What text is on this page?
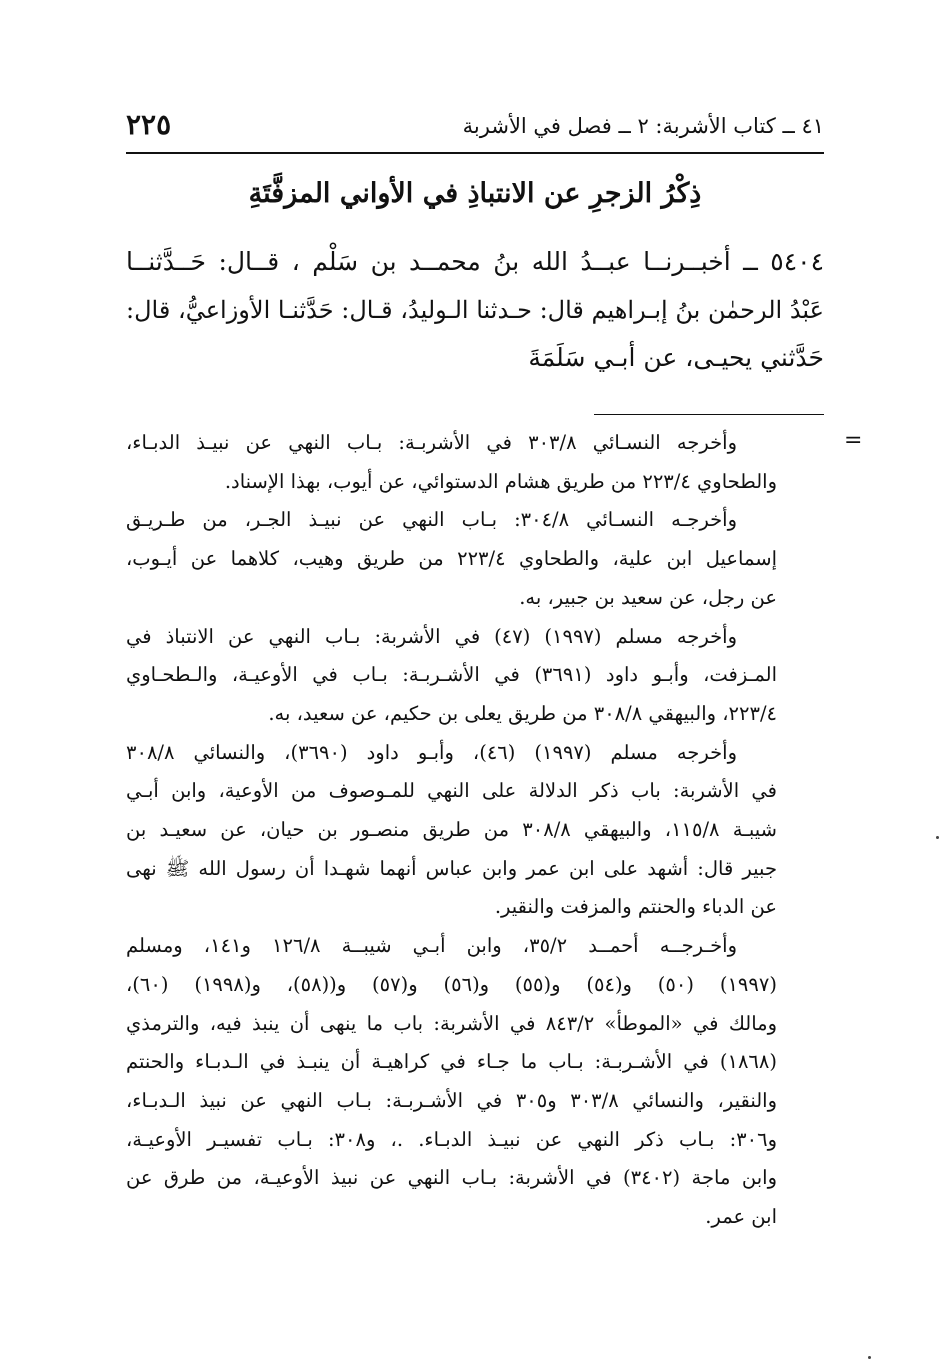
٤١ ــ كتاب الأشربة: ٢ ــ فصل في الأشربة
٢٢٥
ذِكْرُ الزجرِ عن الانتباذِ في الأواني المزفَّتَةِ
٥٤٠٤ ــ أخبــرنــا عبــدُ الله بنُ محمــد بن سَلْم ، قــال: حَــدَّثنــا
عَبْدُ الرحمٰن بنُ إبـراهيم قال: حـدثنا الـوليدُ، قـال: حَدَّثنـا الأوزاعيُّ، قال:
حَدَّثني يحيـى، عن أبـي سَلَمَةَ
=
وأخرجه النسـائي ٣٠٣/٨ في الأشربـة: بـاب النهي عن نبيـذ الدبـاء،
والطحاوي ٢٢٣/٤ من طريق هشام الدستوائي، عن أيوب، بهذا الإسناد.
وأخرجـه النسـائي ٣٠٤/٨: بـاب النهي عن نبيـذ الجـر، من طـريـق
إسماعيل ابن علية، والطحاوي ٢٢٣/٤ من طريق وهيب، كلاهما عن أيـوب،
عن رجل، عن سعيد بن جبير، به.
وأخرجه مسلم (١٩٩٧) (٤٧) في الأشربة: بـاب النهي عن الانتباذ في
المـزفت، وأبـو داود (٣٦٩١) في الأشـربـة: بـاب في الأوعيـة، والـطحـاوي
٢٢٣/٤، والبيهقي ٣٠٨/٨ من طريق يعلى بن حكيم، عن سعيد، به.
وأخرجه مسلم (١٩٩٧) (٤٦)، وأبـو داود (٣٦٩٠)، والنسائي ٣٠٨/٨
في الأشربة: باب ذكر الدلالة على النهي للمـوصوف من الأوعية، وابن أبـي
شيبـة ١١٥/٨، والبيهقي ٣٠٨/٨ من طريق منصـور بن حيان، عن سعيـد بن
جبير قال: أشهد على ابن عمر وابن عباس أنهما شهـدا أن رسول الله ﷺ نهى
عن الدباء والحنتم والمزفت والنقير.
وأخـرجــه أحمــد ٣٥/٢، وابن أبـي شيبــة ١٢٦/٨ و١٤١، ومسلم
(١٩٩٧) (٥٠) و(٥٤) و(٥٥) و(٥٦) و(٥٧) و((٥٨)، و(١٩٩٨) (٦٠)،
ومالك في «الموطأ» ٨٤٣/٢ في الأشربة: باب ما ينهى أن ينبذ فيه، والترمذي
(١٨٦٨) في الأشـربـة: بـاب ما جـاء في كراهيـة أن ينبـذ في الـدبـاء والحنتم
والنقير، والنسائي ٣٠٣/٨ و٣٠٥ في الأشـربـة: بـاب النهي عن نبيذ الـدبـاء،
و٣٠٦: بـاب ذكر النهي عن نبيـذ الدبـاء. .، و٣٠٨: بـاب تفسيـر الأوعيـة،
وابن ماجة (٣٤٠٢) في الأشربة: بـاب النهي عن نبيذ الأوعيـة، من طرق عن
ابن عمر.
